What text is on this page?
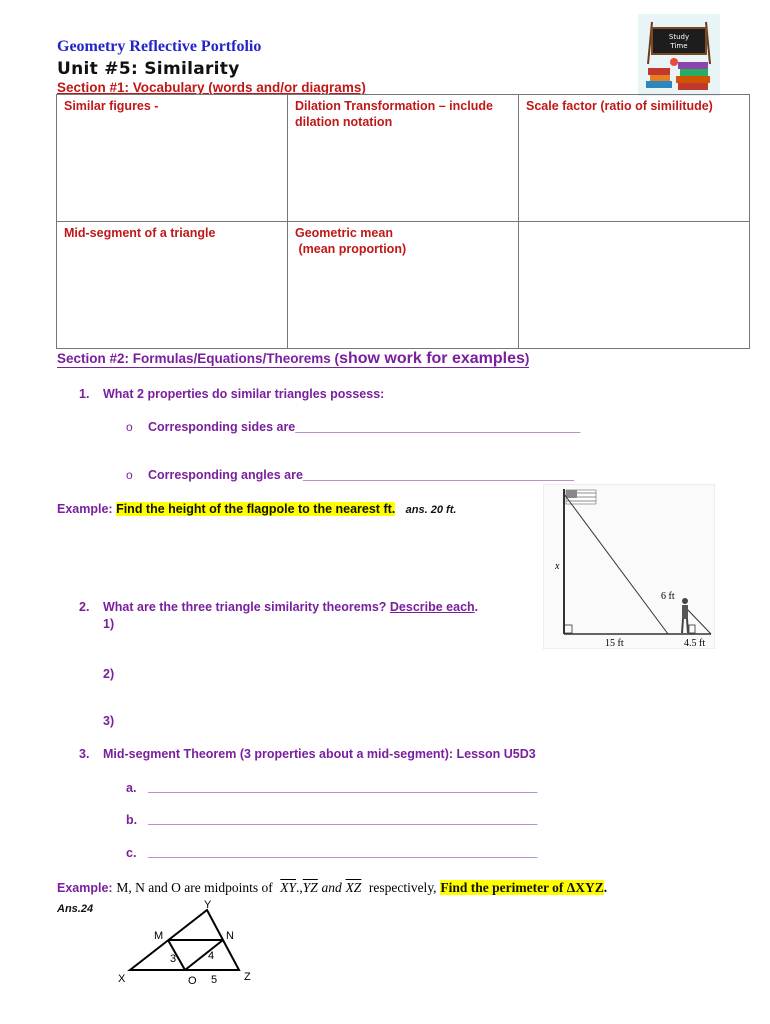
Geometry Reflective Portfolio
Unit #5: Similarity
Study
Time
Section #1: Vocabulary (words and/or diagrams)
Similar figures -	Dilation Transformation – include dilation notation	Scale factor (ratio of similitude)
Mid-segment of a triangle	Geometric mean
(mean proportion)	
Section #2: Formulas/Equations/Theorems (show work for examples)
1. What 2 properties do similar triangles possess:
o Corresponding sides are_________________________________________
o Corresponding angles are_______________________________________
Example: Find the height of the flagpole to the nearest ft. ans. 20 ft.
x
6 ft
15 ft	4.5 ft
2. What are the three triangle similarity theorems? Describe each.
1)
2)
3)
3. Mid-segment Theorem (3 properties about a mid-segment): Lesson U5D3
a. ________________________________________________________
b. ________________________________________________________
c. ________________________________________________________
Example: M, N and O are midpoints of $\overline{XY}.,\overline{YZ}$ and $\overline{XZ}$ respectively, Find the perimeter of ΔXYZ.
Ans.24	Y
M	N
X	O	Z
3	4
5
